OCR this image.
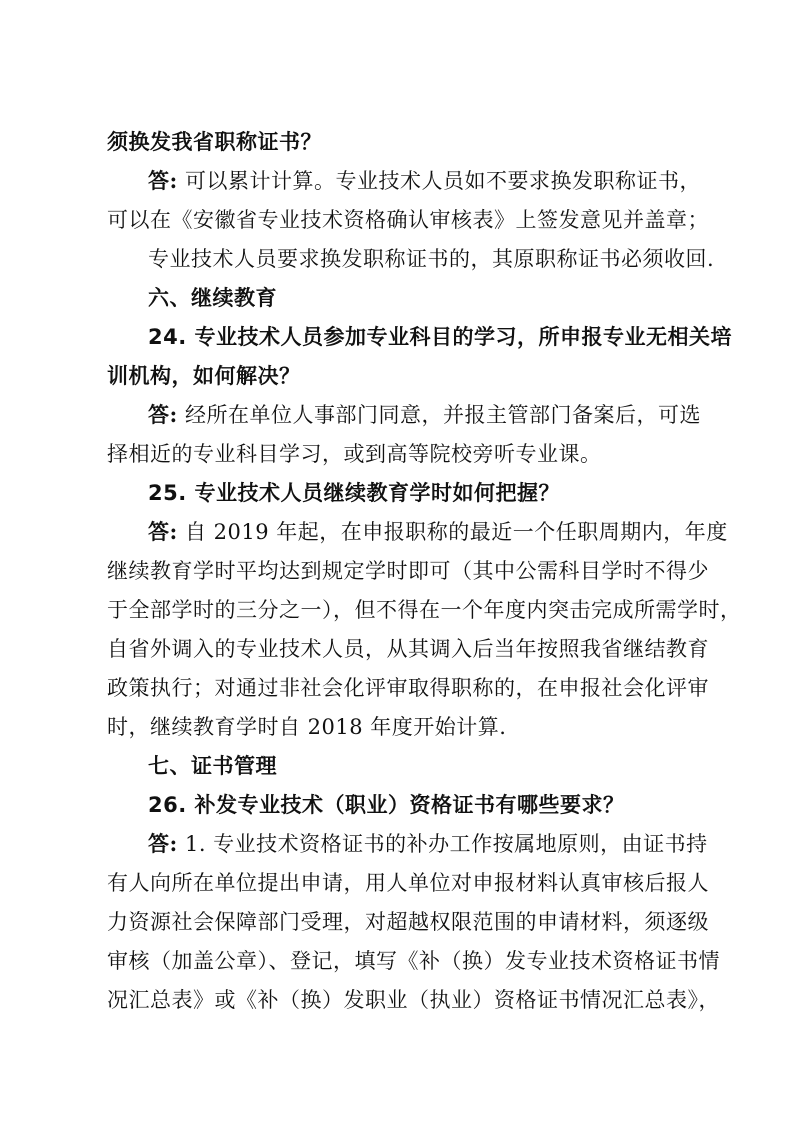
须换发我省职称证书？
答: 可以累计计算。专业技术人员如不要求换发职称证书，
可以在《安徽省专业技术资格确认审核表》上签发意见并盖章；
专业技术人员要求换发职称证书的，其原职称证书必须收回.
六、继续教育
24. 专业技术人员参加专业科目的学习，所申报专业无相关培
训机构，如何解决？
答: 经所在单位人事部门同意，并报主管部门备案后，可选
择相近的专业科目学习，或到高等院校旁听专业课。
25. 专业技术人员继续教育学时如何把握？
答: 自 2019 年起，在申报职称的最近一个任职周期内，年度
继续教育学时平均达到规定学时即可（其中公需科目学时不得少
于全部学时的三分之一），但不得在一个年度内突击完成所需学时，
自省外调入的专业技术人员，从其调入后当年按照我省继结教育
政策执行；对通过非社会化评审取得职称的，在申报社会化评审
时，继续教育学时自 2018 年度开始计算.
七、证书管理
26. 补发专业技术（职业）资格证书有哪些要求？
答: 1. 专业技术资格证书的补办工作按属地原则，由证书持
有人向所在单位提出申请，用人单位对申报材料认真审核后报人
力资源社会保障部门受理，对超越权限范围的申请材料，须逐级
审核（加盖公章）、登记，填写《补（换）发专业技术资格证书情
况汇总表》或《补（换）发职业（执业）资格证书情况汇总表》，
